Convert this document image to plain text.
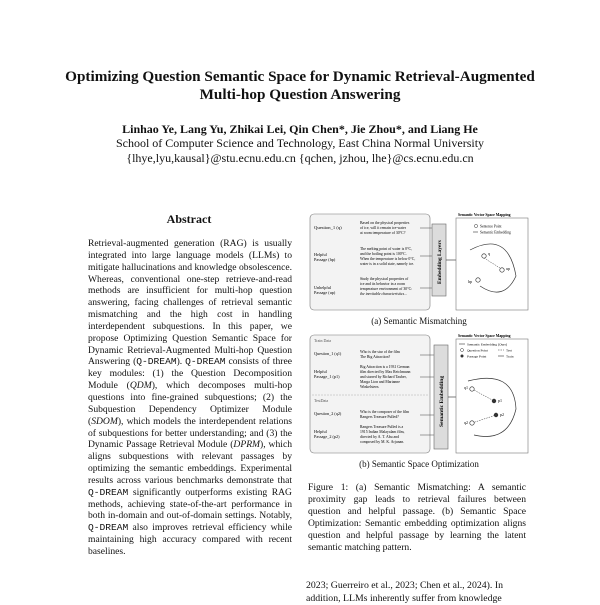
Optimizing Question Semantic Space for Dynamic Retrieval-Augmented
Multi-hop Question Answering
Linhao Ye, Lang Yu, Zhikai Lei, Qin Chen*, Jie Zhou*, and Liang He
School of Computer Science and Technology, East China Normal University
{lhye,lyu,kausal}@stu.ecnu.edu.cn {qchen, jzhou, lhe}@cs.ecnu.edu.cn
Abstract

Retrieval-augmented generation (RAG) is usually integrated into large language models (LLMs) to mitigate hallucinations and knowledge obsolescence. Whereas, conventional one-step retrieve-and-read methods are insufficient for multi-hop question answering, facing challenges of retrieval semantic mismatching and the high cost in handling interdependent subquestions. In this paper, we propose Optimizing Question Semantic Space for Dynamic Retrieval-Augmented Multi-hop Question Answering (Q-DREAM). Q-DREAM consists of three key modules: (1) the Question Decomposition Module (QDM), which decomposes multi-hop questions into fine-grained subquestions; (2) the Subquestion Dependency Optimizer Module (SDOM), which models the interdependent relations of subquestions for better understanding; and (3) the Dynamic Passage Retrieval Module (DPRM), which aligns subquestions with relevant passages by optimizing the semantic embeddings. Experimental results across various benchmarks demonstrate that Q-DREAM significantly outperforms existing RAG methods, achieving state-of-the-art performance in both in-domain and out-of-domain settings. Notably, Q-DREAM also improves retrieval efficiency while maintaining high accuracy compared with recent baselines.

Question_1 (q)
Based on the physical properties
of ice, will it remain ice-water
at room temperature of 30°C?
Helpful
Passage (hp)
The melting point of water is 0°C,
and the boiling point is 100°C.
When the temperature is below 0°C,
water is in a solid state, namely ice.
Unhelpful
Passage (up)
Study the physical properties of
ice and its behavior in a room
temperature environment of 30°C:
the inevitable characteristics...
Embedding Layers
Semantic Vector Space Mapping
Sentence Point
Semantic Embedding
q
hp
up
(a) Semantic Mismatching
Train Data
Question_1 (q1)	Who is the star of the film
The Big Attraction?
Helpful
Passage_1 (p1)
Big Attraction is a 1931 German
film directed by Max Reichmann
and starred by Richard Tauber,
Marga Lion and Marianne
Winkelstern.
TestData
Question_2 (q2)	Who is the composer of the film
Rangers Treasure Pulled?
Helpful
Passage_2 (p2)
Rangers Treasure Pulled is a
1915 Indian Malayalam film,
directed by A. T. Abu and
composed by M. K. Arjunan.
Semantic Embedding
Semantic Vector Space Mapping
Semantic Embedding (Ours)
Question Point
Passage Point
Test
Train
q1
p1
q2
p2
(b) Semantic Space Optimization
Figure 1: (a) Semantic Mismatching: A semantic proximity gap leads to retrieval failures between question and helpful passage. (b) Semantic Space Optimization: Semantic embedding optimization aligns question and helpful passage by learning the latent semantic matching pattern.
2023; Guerreiro et al., 2023; Chen et al., 2024). In
addition, LLMs inherently suffer from knowledge
